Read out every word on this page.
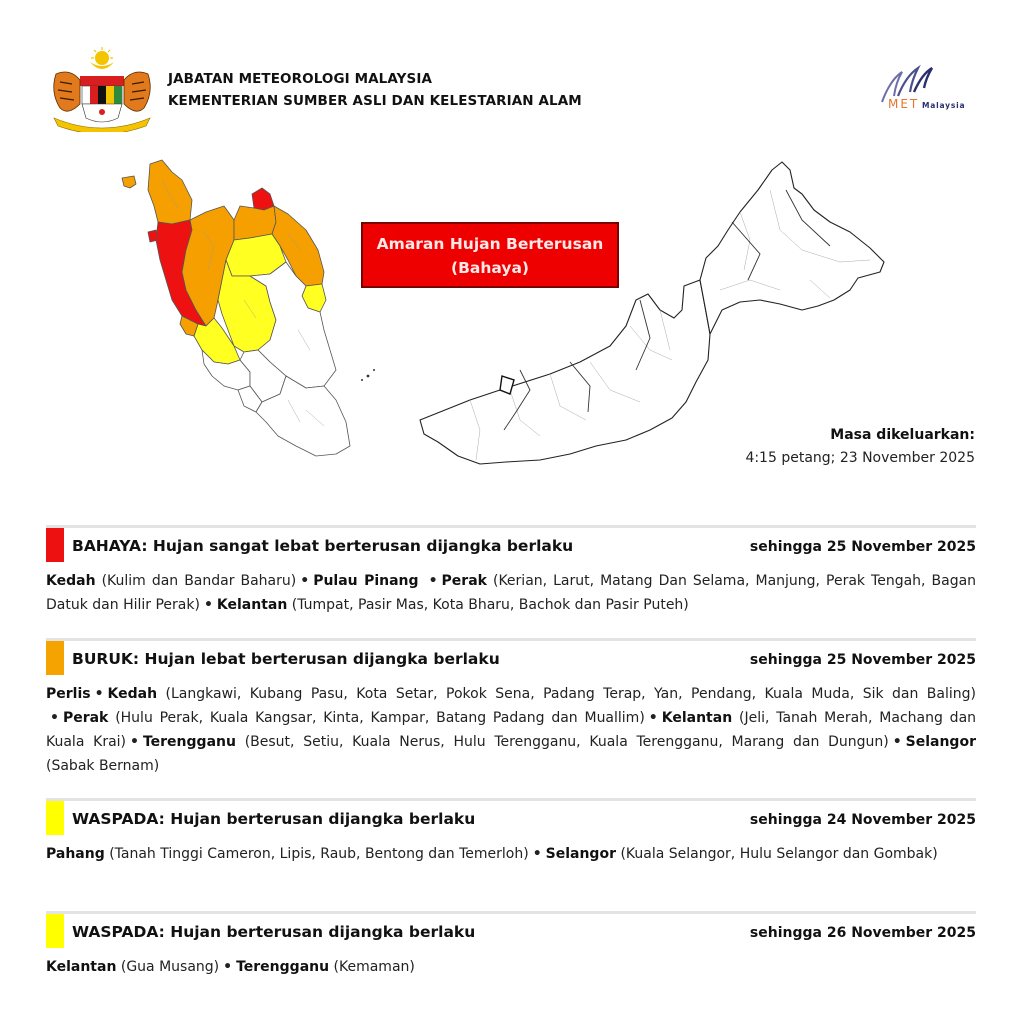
JABATAN METEOROLOGI MALAYSIA
KEMENTERIAN SUMBER ASLI DAN KELESTARIAN ALAM	MET Malaysia
Amaran Hujan Berterusan
(Bahaya)
Masa dikeluarkan:
4:15 petang; 23 November 2025
BAHAYA: Hujan sangat lebat berterusan dijangka berlaku	sehingga 25 November 2025
Kedah (Kulim dan Bandar Baharu) • Pulau Pinang • Perak (Kerian, Larut, Matang Dan Selama, Manjung, Perak Tengah, Bagan Datuk dan Hilir Perak) • Kelantan (Tumpat, Pasir Mas, Kota Bharu, Bachok dan Pasir Puteh)
BURUK: Hujan lebat berterusan dijangka berlaku	sehingga 25 November 2025
Perlis • Kedah (Langkawi, Kubang Pasu, Kota Setar, Pokok Sena, Padang Terap, Yan, Pendang, Kuala Muda, Sik dan Baling) • Perak (Hulu Perak, Kuala Kangsar, Kinta, Kampar, Batang Padang dan Muallim) • Kelantan (Jeli, Tanah Merah, Machang dan Kuala Krai) • Terengganu (Besut, Setiu, Kuala Nerus, Hulu Terengganu, Kuala Terengganu, Marang dan Dungun) • Selangor (Sabak Bernam)
WASPADA: Hujan berterusan dijangka berlaku	sehingga 24 November 2025
Pahang (Tanah Tinggi Cameron, Lipis, Raub, Bentong dan Temerloh) • Selangor (Kuala Selangor, Hulu Selangor dan Gombak)
WASPADA: Hujan berterusan dijangka berlaku	sehingga 26 November 2025
Kelantan (Gua Musang) • Terengganu (Kemaman)
